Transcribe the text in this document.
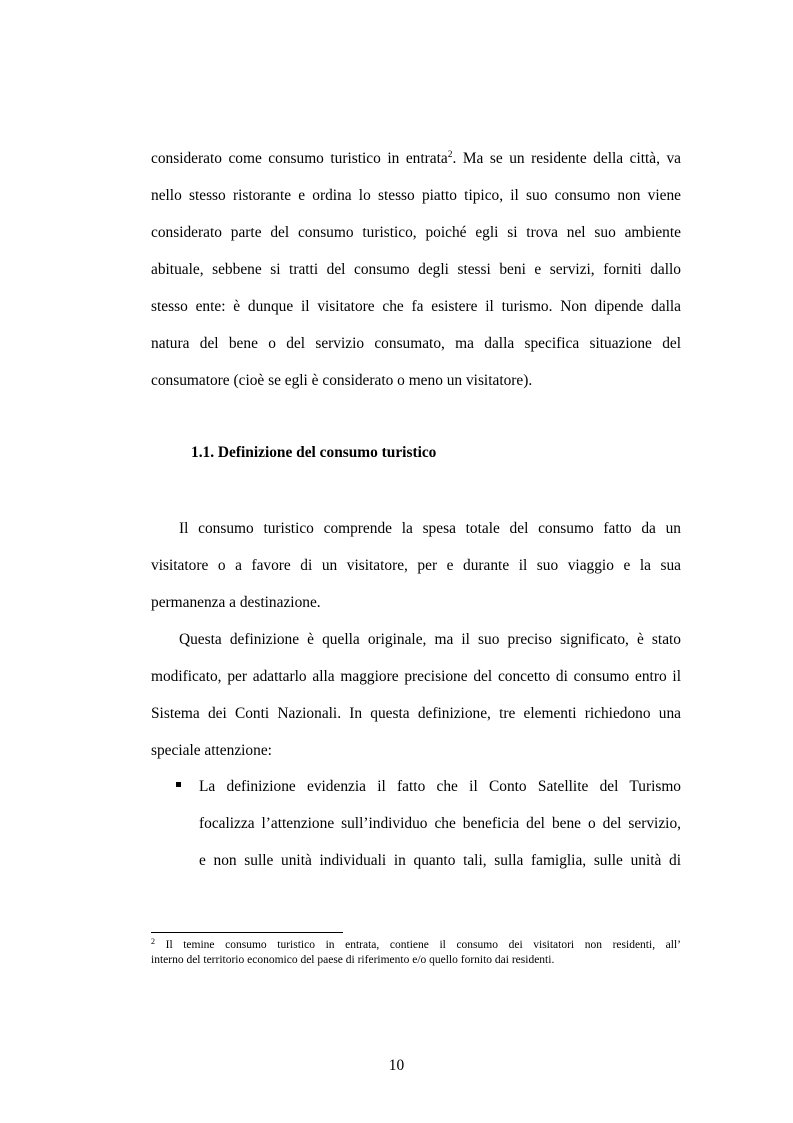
considerato come consumo turistico in entrata$^2$. Ma se un residente della città, va
nello stesso ristorante e ordina lo stesso piatto tipico, il suo consumo non viene
considerato parte del consumo turistico, poiché egli si trova nel suo ambiente
abituale, sebbene si tratti del consumo degli stessi beni e servizi, forniti dallo
stesso ente: è dunque il visitatore che fa esistere il turismo. Non dipende dalla
natura del bene o del servizio consumato, ma dalla specifica situazione del
consumatore (cioè se egli è considerato o meno un visitatore).
1.1. Definizione del consumo turistico
Il consumo turistico comprende la spesa totale del consumo fatto da un
visitatore o a favore di un visitatore, per e durante il suo viaggio e la sua
permanenza a destinazione.
Questa definizione è quella originale, ma il suo preciso significato, è stato
modificato, per adattarlo alla maggiore precisione del concetto di consumo entro il
Sistema dei Conti Nazionali. In questa definizione, tre elementi richiedono una
speciale attenzione:
La definizione evidenzia il fatto che il Conto Satellite del Turismo
focalizza l’attenzione sull’individuo che beneficia del bene o del servizio,
e non sulle unità individuali in quanto tali, sulla famiglia, sulle unità di
$^2$ Il temine consumo turistico in entrata, contiene il consumo dei visitatori non residenti, all’
interno del territorio economico del paese di riferimento e/o quello fornito dai residenti.
10
